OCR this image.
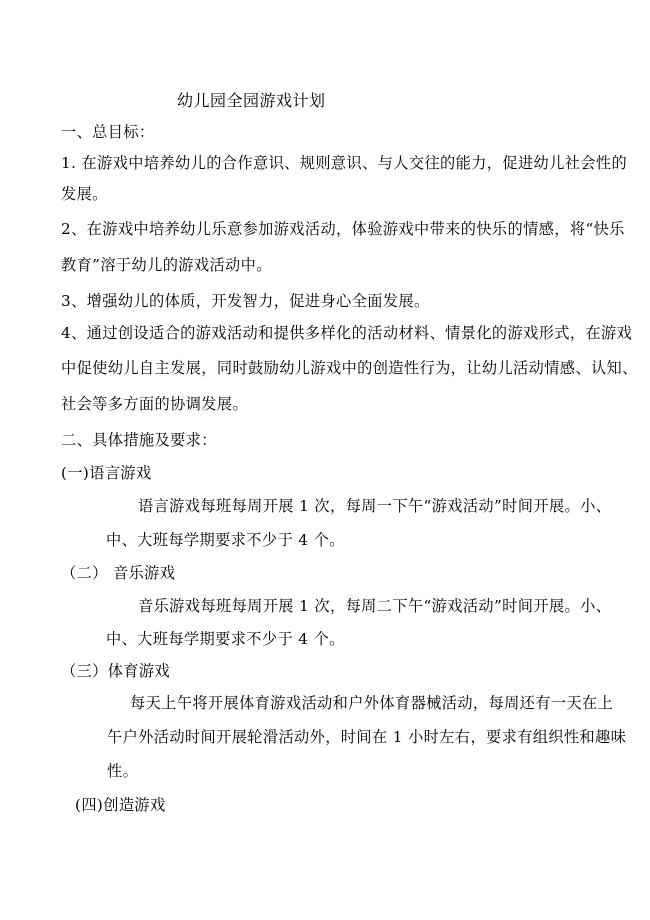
幼儿园全园游戏计划
一、总目标：
1. 在游戏中培养幼儿的合作意识、规则意识、与人交往的能力，促进幼儿社会性的
发展。
2、在游戏中培养幼儿乐意参加游戏活动，体验游戏中带来的快乐的情感，将“快乐
教育”溶于幼儿的游戏活动中。
3、增强幼儿的体质，开发智力，促进身心全面发展。
4、通过创设适合的游戏活动和提供多样化的活动材料、情景化的游戏形式，在游戏
中促使幼儿自主发展，同时鼓励幼儿游戏中的创造性行为，让幼儿活动情感、认知、
社会等多方面的协调发展。
二、具体措施及要求：
(一)语言游戏
语言游戏每班每周开展 1 次，每周一下午“游戏活动”时间开展。小、
中、大班每学期要求不少于 4 个。
（二） 音乐游戏
音乐游戏每班每周开展 1 次，每周二下午“游戏活动”时间开展。小、
中、大班每学期要求不少于 4 个。
（三）体育游戏
每天上午将开展体育游戏活动和户外体育器械活动，每周还有一天在上
午户外活动时间开展轮滑活动外，时间在 1 小时左右，要求有组织性和趣味
性。
(四)创造游戏
